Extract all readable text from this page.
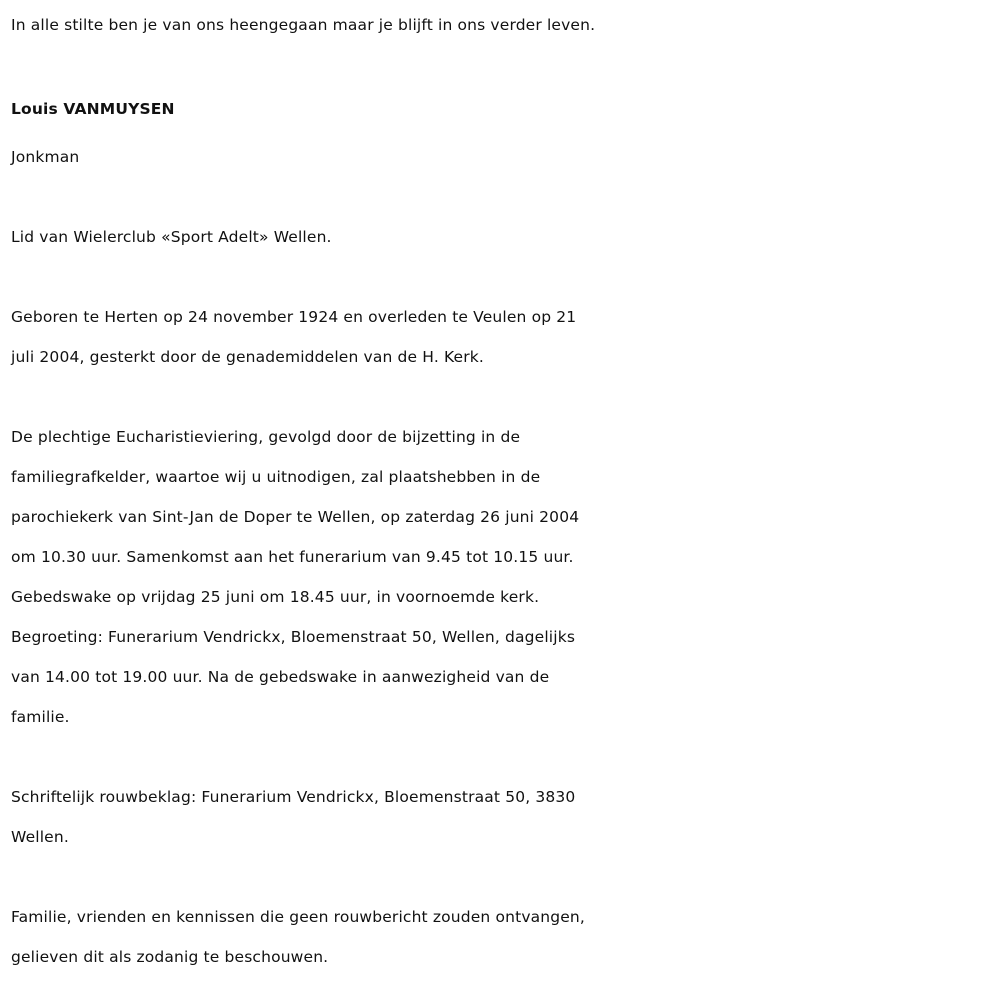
In alle stilte ben je van ons heengegaan maar je blijft in ons verder leven.

Louis VANMUYSEN

Jonkman

Lid van Wielerclub «Sport Adelt» Wellen.

Geboren te Herten op 24 november 1924 en overleden te Veulen op 21

juli 2004, gesterkt door de genademiddelen van de H. Kerk.

De plechtige Eucharistieviering, gevolgd door de bijzetting in de

familiegrafkelder, waartoe wij u uitnodigen, zal plaatshebben in de

parochiekerk van Sint-Jan de Doper te Wellen, op zaterdag 26 juni 2004

om 10.30 uur. Samenkomst aan het funerarium van 9.45 tot 10.15 uur.

Gebedswake op vrijdag 25 juni om 18.45 uur, in voornoemde kerk.

Begroeting: Funerarium Vendrickx, Bloemenstraat 50, Wellen, dagelijks

van 14.00 tot 19.00 uur. Na de gebedswake in aanwezigheid van de

familie.

Schriftelijk rouwbeklag: Funerarium Vendrickx, Bloemenstraat 50, 3830

Wellen.

Familie, vrienden en kennissen die geen rouwbericht zouden ontvangen,

gelieven dit als zodanig te beschouwen.
